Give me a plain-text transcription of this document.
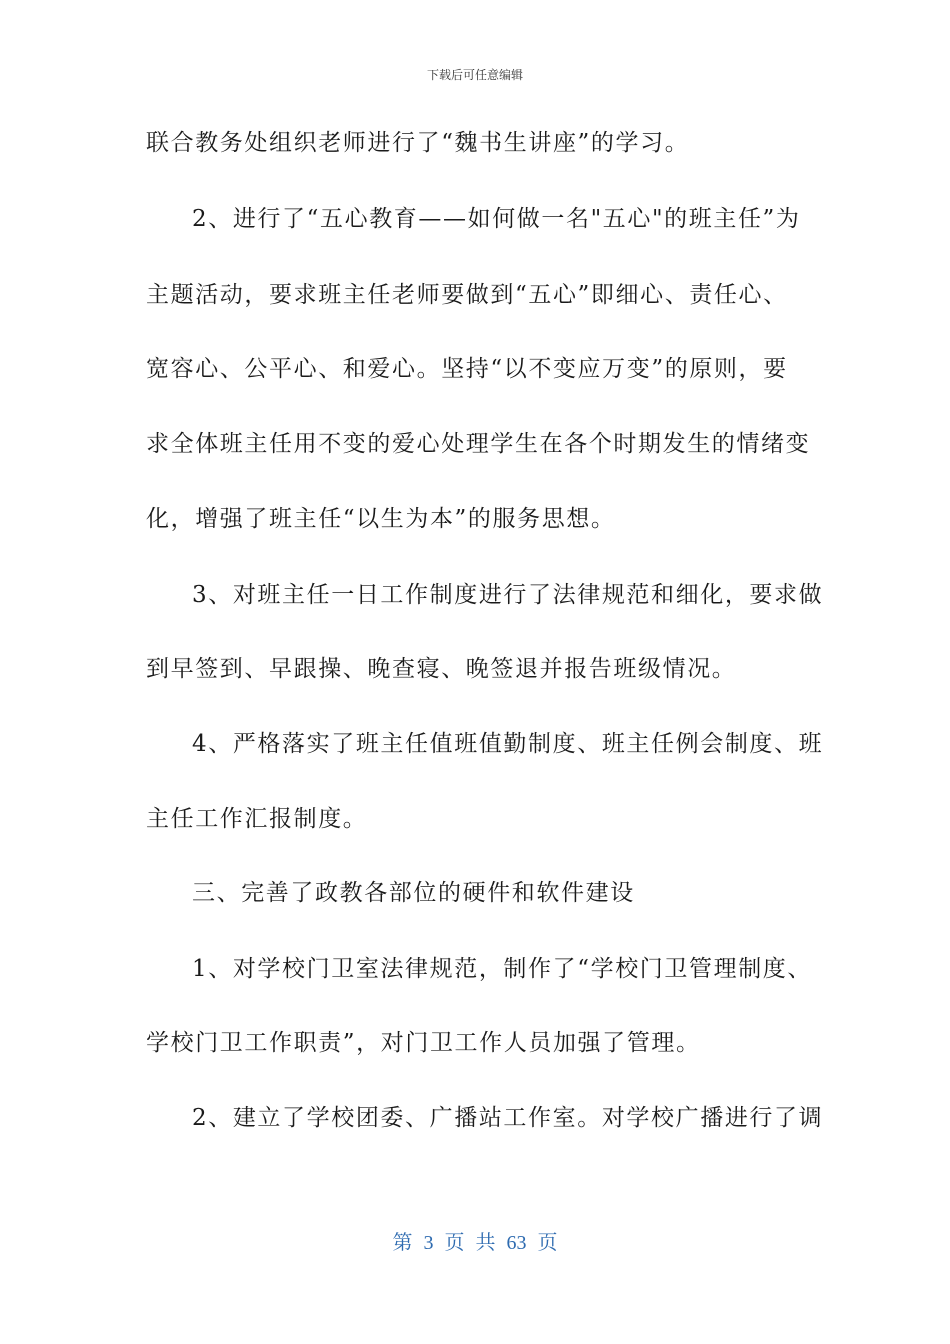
下载后可任意编辑
联合教务处组织老师进行了“魏书生讲座”的学习。
2、进行了“五心教育——如何做一名"五心"的班主任”为
主题活动，要求班主任老师要做到“五心”即细心、责任心、
宽容心、公平心、和爱心。坚持“以不变应万变”的原则，要
求全体班主任用不变的爱心处理学生在各个时期发生的情绪变
化，增强了班主任“以生为本”的服务思想。
3、对班主任一日工作制度进行了法律规范和细化，要求做
到早签到、早跟操、晚查寝、晚签退并报告班级情况。
4、严格落实了班主任值班值勤制度、班主任例会制度、班
主任工作汇报制度。
三、完善了政教各部位的硬件和软件建设
1、对学校门卫室法律规范，制作了“学校门卫管理制度、
学校门卫工作职责”，对门卫工作人员加强了管理。
2、建立了学校团委、广播站工作室。对学校广播进行了调
第 3 页 共 63 页
